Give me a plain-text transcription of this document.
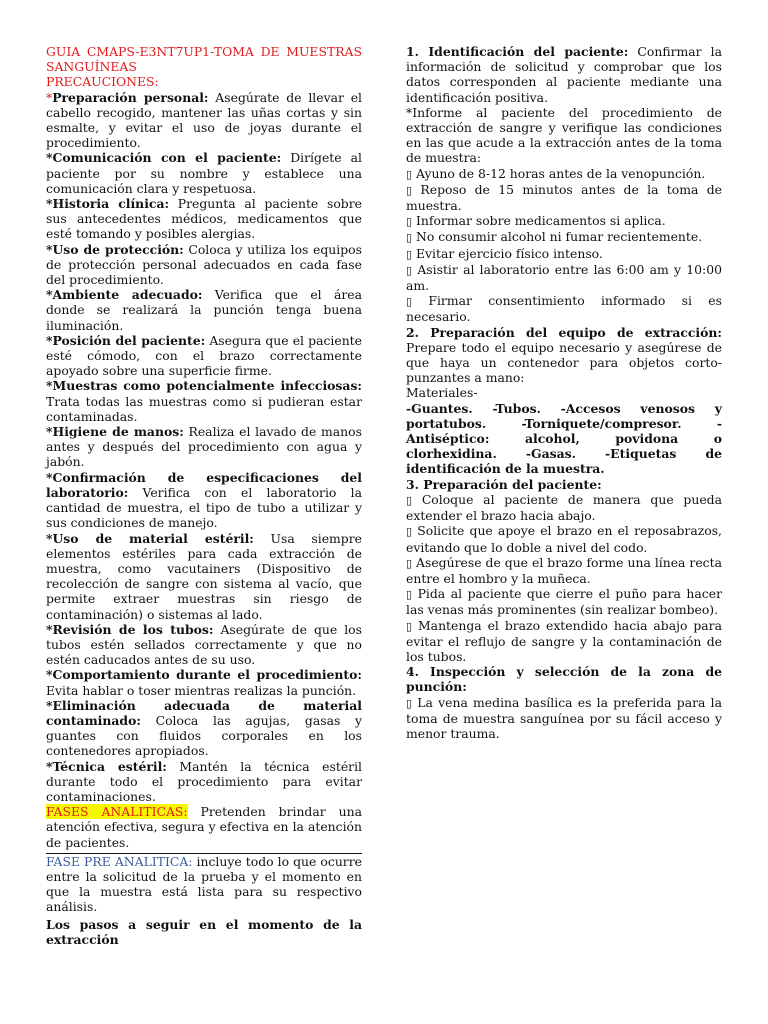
GUIA CMAPS-E3NT7UP1-TOMA DE MUESTRAS SANGUÍNEAS

PRECAUCIONES:

*Preparación personal: Asegúrate de llevar el cabello recogido, mantener las uñas cortas y sin esmalte, y evitar el uso de joyas durante el procedimiento.

*Comunicación con el paciente: Dirígete al paciente por su nombre y establece una comunicación clara y respetuosa.

*Historia clínica: Pregunta al paciente sobre sus antecedentes médicos, medicamentos que esté tomando y posibles alergias.

*Uso de protección: Coloca y utiliza los equipos de protección personal adecuados en cada fase del procedimiento.

*Ambiente adecuado: Verifica que el área donde se realizará la punción tenga buena iluminación.

*Posición del paciente: Asegura que el paciente esté cómodo, con el brazo correctamente apoyado sobre una superficie firme.

*Muestras como potencialmente infecciosas: Trata todas las muestras como si pudieran estar contaminadas.

*Higiene de manos: Realiza el lavado de manos antes y después del procedimiento con agua y jabón.

*Confirmación de especificaciones del laboratorio: Verifica con el laboratorio la cantidad de muestra, el tipo de tubo a utilizar y sus condiciones de manejo.

*Uso de material estéril: Usa siempre elementos estériles para cada extracción de muestra, como vacutainers (Dispositivo de recolección de sangre con sistema al vacío, que permite extraer muestras sin riesgo de contaminación) o sistemas al lado.

*Revisión de los tubos: Asegúrate de que los tubos estén sellados correctamente y que no estén caducados antes de su uso.

*Comportamiento durante el procedimiento: Evita hablar o toser mientras realizas la punción.

*Eliminación adecuada de material contaminado: Coloca las agujas, gasas y guantes con fluidos corporales en los contenedores apropiados.

*Técnica estéril: Mantén la técnica estéril durante todo el procedimiento para evitar contaminaciones.

FASES ANALITICAS: Pretenden brindar una atención efectiva, segura y efectiva en la atención de pacientes.

FASE PRE ANALITICA: incluye todo lo que ocurre entre la solicitud de la prueba y el momento en que la muestra está lista para su respectivo análisis.

Los pasos a seguir en el momento de la extracción

1. Identificación del paciente: Confirmar la información de solicitud y comprobar que los datos corresponden al paciente mediante una identificación positiva.

*Informe al paciente del procedimiento de extracción de sangre y verifique las condiciones en las que acude a la extracción antes de la toma de muestra:

▯ Ayuno de 8-12 horas antes de la venopunción.

▯ Reposo de 15 minutos antes de la toma de muestra.

▯ Informar sobre medicamentos si aplica.

▯ No consumir alcohol ni fumar recientemente.

▯ Evitar ejercicio físico intenso.

▯ Asistir al laboratorio entre las 6:00 am y 10:00 am.

▯ Firmar consentimiento informado si es necesario.

2. Preparación del equipo de extracción: Prepare todo el equipo necesario y asegúrese de que haya un contenedor para objetos corto-punzantes a mano:

Materiales-

-Guantes. -Tubos. -Accesos venosos y portatubos. -Torniquete/compresor. -Antiséptico: alcohol, povidona o clorhexidina. -Gasas. -Etiquetas de identificación de la muestra.

3. Preparación del paciente:

▯ Coloque al paciente de manera que pueda extender el brazo hacia abajo.

▯ Solicite que apoye el brazo en el reposabrazos, evitando que lo doble a nivel del codo.

▯ Asegúrese de que el brazo forme una línea recta entre el hombro y la muñeca.

▯ Pida al paciente que cierre el puño para hacer las venas más prominentes (sin realizar bombeo).

▯ Mantenga el brazo extendido hacia abajo para evitar el reflujo de sangre y la contaminación de los tubos.

4. Inspección y selección de la zona de punción:

▯ La vena medina basílica es la preferida para la toma de muestra sanguínea por su fácil acceso y menor trauma.
